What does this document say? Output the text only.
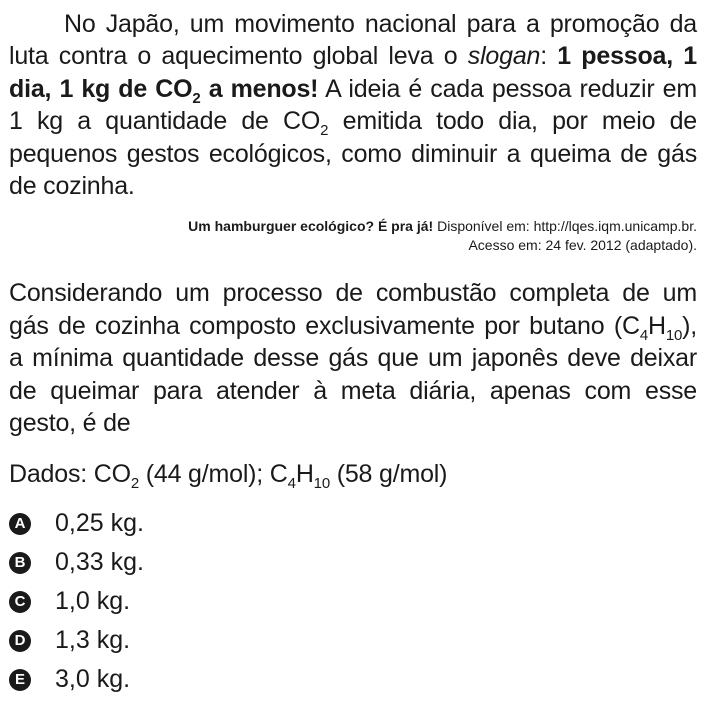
No Japão, um movimento nacional para a promoção da luta contra o aquecimento global leva o slogan: 1 pessoa, 1 dia, 1 kg de $CO_2$ a menos! A ideia é cada pessoa reduzir em 1 kg a quantidade de $CO_2$ emitida todo dia, por meio de pequenos gestos ecológicos, como diminuir a queima de gás de cozinha.

Um hamburguer ecológico? É pra já! Disponível em: http://lqes.iqm.unicamp.br.
Acesso em: 24 fev. 2012 (adaptado).

Considerando um processo de combustão completa de um gás de cozinha composto exclusivamente por butano $(C_4H_{10})$, a mínima quantidade desse gás que um japonês deve deixar de queimar para atender à meta diária, apenas com esse gesto, é de

Dados: $CO_2$ (44 g/mol); $C_4H_{10}$ (58 g/mol)

A 0,25 kg.
B 0,33 kg.
C 1,0 kg.
D 1,3 kg.
E 3,0 kg.
